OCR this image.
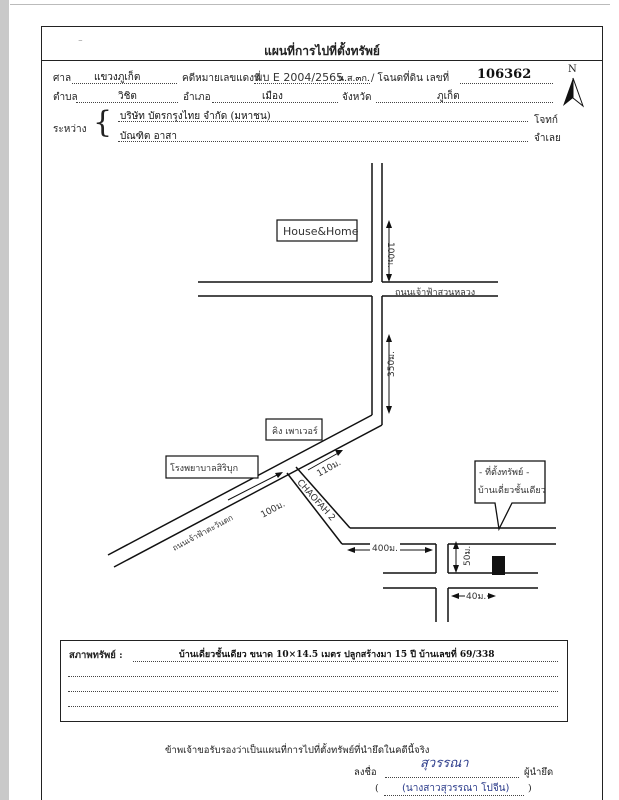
แผนที่การไปที่ตั้งทรัพย์
⁻
ศาล แขวงภูเก็ต	คดีหมายเลขแดงที่
ผบ E 2004/2565
น.ส.๓ก. / โฉนดที่ดิน เลขที่ 106362	N
ตำบล	วิชิต	อำเภอ	เมือง	จังหวัด	ภูเก็ต
ระหว่าง { บริษัท บัตรกรุงไทย จำกัด (มหาชน)	โจทก์
บัณฑิต อาสา	จำเลย
House&Home
100ม.
ถนนเจ้าฟ้าสวนหลวง
350ม.
คิง เพาเวอร์
110ม.
โรงพยาบาลสิริบุก
ถนนเจ้าฟ้าตะวันตก
100ม. CHAOFAH 2
400ม.	50ม.
40ม.
- ที่ตั้งทรัพย์ -
บ้านเดี่ยวชั้นเดียว
สภาพทรัพย์ :	บ้านเดี่ยวชั้นเดียว ขนาด 10×14.5 เมตร ปลูกสร้างมา 15 ปี บ้านเลขที่ 69/338
ข้าพเจ้าขอรับรองว่าเป็นแผนที่การไปที่ตั้งทรัพย์ที่นำยึดในคดีนี้จริง
ลงชื่อ
สุวรรณา
ผู้นำยึด
( (นางสาวสุวรรณา โปจีน) )
